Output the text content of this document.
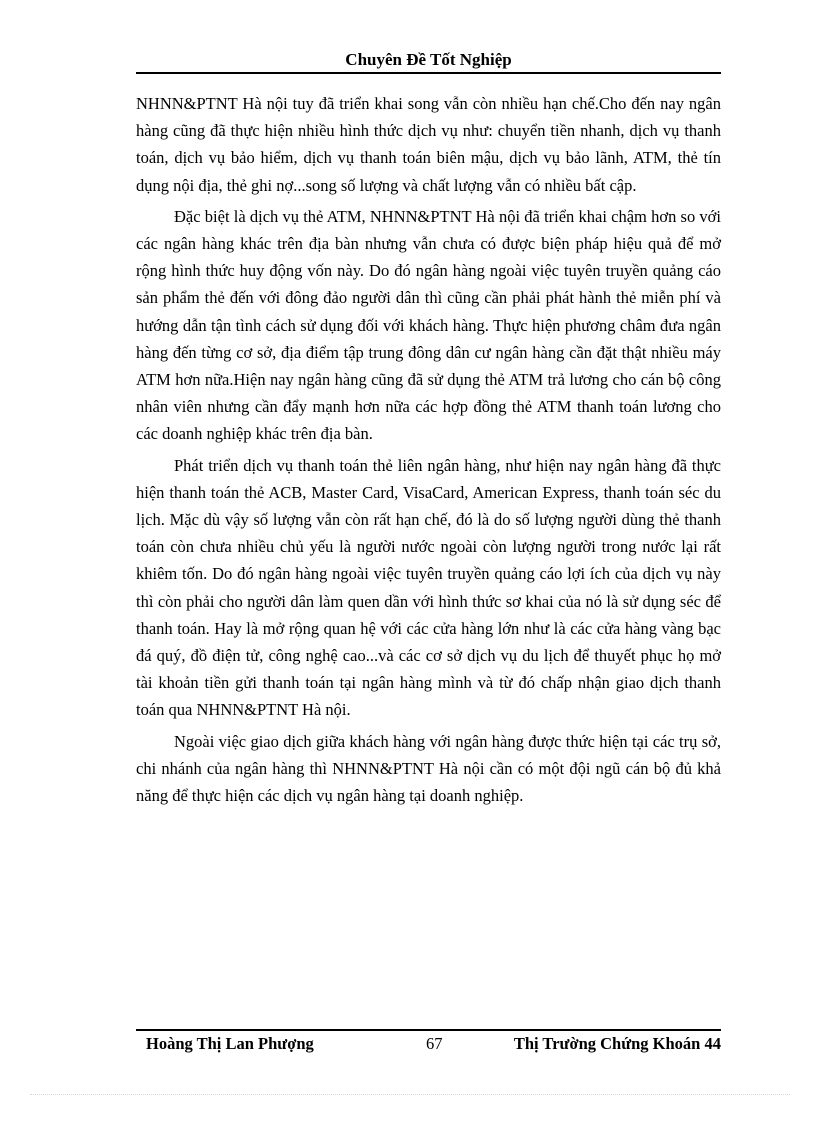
Chuyên Đề Tốt Nghiệp

NHNN&PTNT Hà nội tuy đã triển khai song vẫn còn nhiều hạn chế.Cho đến nay ngân hàng cũng đã thực hiện nhiều hình thức dịch vụ như: chuyển tiền nhanh, dịch vụ thanh toán, dịch vụ bảo hiểm, dịch vụ thanh toán biên mậu, dịch vụ bảo lãnh, ATM, thẻ tín dụng nội địa, thẻ ghi nợ...song số lượng và chất lượng vẫn có nhiều bất cập.

Đặc biệt là dịch vụ thẻ ATM, NHNN&PTNT Hà nội đã triển khai chậm hơn so với các ngân hàng khác trên địa bàn nhưng vẫn chưa có được biện pháp hiệu quả để mở rộng hình thức huy động vốn này. Do đó ngân hàng ngoài việc tuyên truyền quảng cáo sản phẩm thẻ đến với đông đảo người dân thì cũng cần phải phát hành thẻ miễn phí và hướng dẫn tận tình cách sử dụng đối với khách hàng. Thực hiện phương châm đưa ngân hàng đến từng cơ sở, địa điểm tập trung đông dân cư ngân hàng cần đặt thật nhiều máy ATM hơn nữa.Hiện nay ngân hàng cũng đã sử dụng thẻ ATM trả lương cho cán bộ công nhân viên nhưng cần đẩy mạnh hơn nữa các hợp đồng thẻ ATM thanh toán lương cho các doanh nghiệp khác trên địa bàn.

Phát triển dịch vụ thanh toán thẻ liên ngân hàng, như hiện nay ngân hàng đã thực hiện thanh toán thẻ ACB, Master Card, VisaCard, American Express, thanh toán séc du lịch. Mặc dù vậy số lượng vẫn còn rất hạn chế, đó là do số lượng người dùng thẻ thanh toán còn chưa nhiều chủ yếu là người nước ngoài còn lượng người trong nước lại rất khiêm tốn. Do đó ngân hàng ngoài việc tuyên truyền quảng cáo lợi ích của dịch vụ này thì còn phải cho người dân làm quen dần với hình thức sơ khai của nó là sử dụng séc để thanh toán. Hay là mở rộng quan hệ với các cửa hàng lớn như là các cửa hàng vàng bạc đá quý, đồ điện tử, công nghệ cao...và các cơ sở dịch vụ du lịch để thuyết phục họ mở tài khoản tiền gửi thanh toán tại ngân hàng mình và từ đó chấp nhận giao dịch thanh toán qua NHNN&PTNT Hà nội.

Ngoài việc giao dịch giữa khách hàng với ngân hàng được thức hiện tại các trụ sở, chi nhánh của ngân hàng thì NHNN&PTNT Hà nội cần có một đội ngũ cán bộ đủ khả năng để thực hiện các dịch vụ ngân hàng tại doanh nghiệp.

Hoàng Thị Lan Phượng	67	Thị Trường Chứng Khoán 44
